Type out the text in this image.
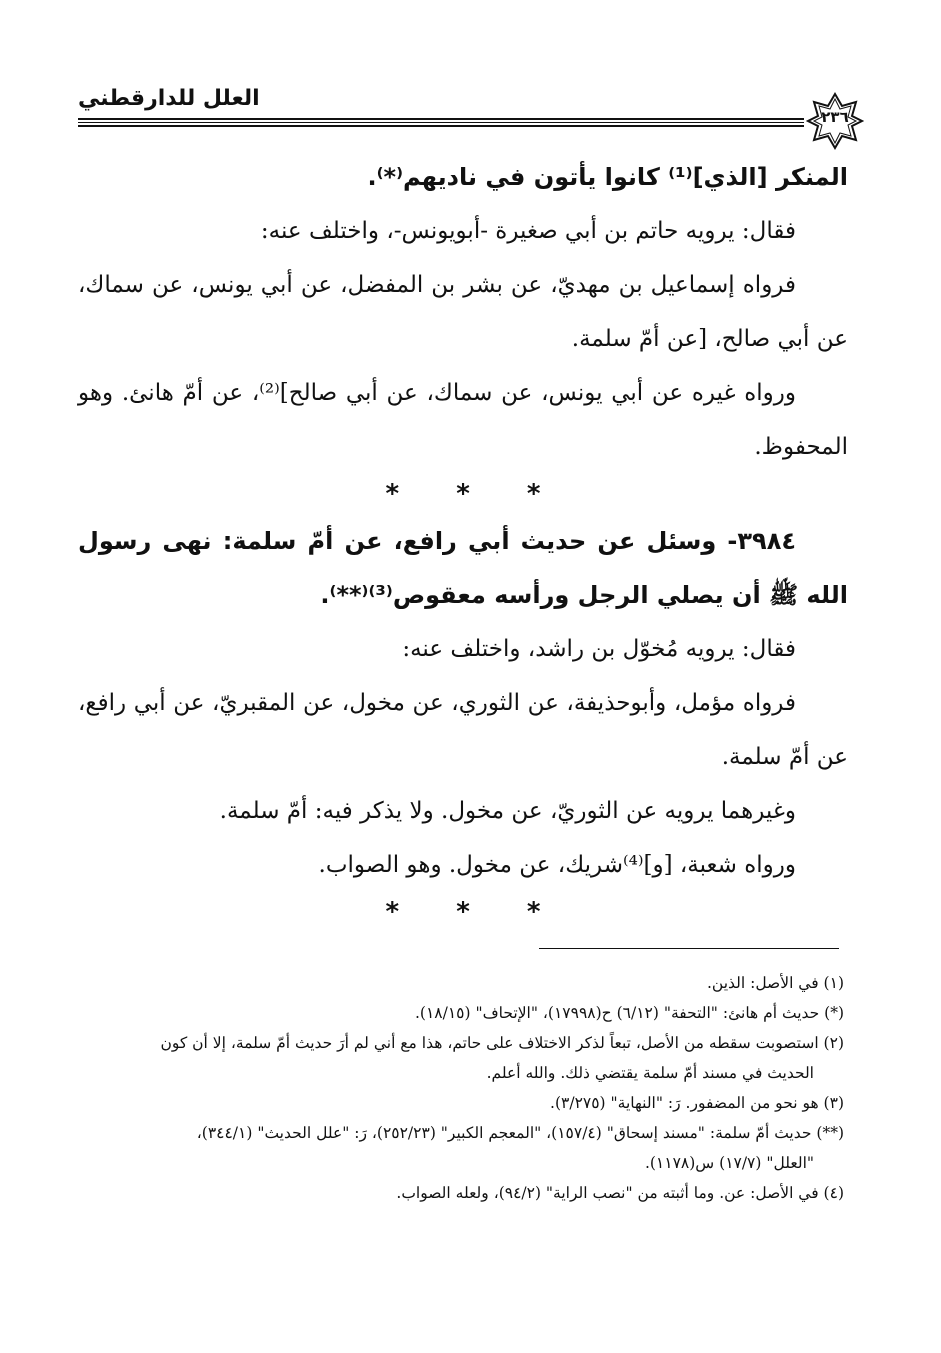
العلل للدارقطني
٢٣٦

المنكر [الذي]⁽¹⁾ كانوا يأتون في ناديهم⁽*⁾.

فقال: يرويه حاتم بن أبي صغيرة -أبويونس-، واختلف عنه:

فرواه إسماعيل بن مهديّ، عن بشر بن المفضل، عن أبي يونس، عن سماك، عن أبي صالح، [عن أمّ سلمة.

ورواه غيره عن أبي يونس، عن سماك، عن أبي صالح]⁽²⁾، عن أمّ هانئ. وهو المحفوظ.

* * *

٣٩٨٤- وسئل عن حديث أبي رافع، عن أمّ سلمة: نهى رسول الله ﷺ أن يصلي الرجل ورأسه معقوص⁽³⁾⁽**⁾.

فقال: يرويه مُخوّل بن راشد، واختلف عنه:

فرواه مؤمل، وأبوحذيفة، عن الثوري، عن مخول، عن المقبريّ، عن أبي رافع، عن أمّ سلمة.

وغيرهما يرويه عن الثوريّ، عن مخول. ولا يذكر فيه: أمّ سلمة.

ورواه شعبة، [و]⁽⁴⁾شريك، عن مخول. وهو الصواب.

* * *

(١) في الأصل: الذين.

(*) حديث أم هانئ: "التحفة" (٦/١٢) ح(١٧٩٩٨)، "الإتحاف" (١٨/١٥).

(٢) استصوبت سقطه من الأصل، تبعاً لذكر الاختلاف على حاتم، هذا مع أني لم أرَ حديث أمّ سلمة، إلا أن كون

الحديث في مسند أمّ سلمة يقتضي ذلك. والله أعلم.

(٣) هو نحو من المضفور. رَ: "النهاية" (٣/٢٧٥).

(**) حديث أمّ سلمة: "مسند إسحاق" (١٥٧/٤)، "المعجم الكبير" (٢٥٢/٢٣)، رَ: "علل الحديث" (٣٤٤/١)،

"العلل" (١٧/٧) س(١١٧٨).

(٤) في الأصل: عن. وما أثبته من "نصب الراية" (٩٤/٢)، ولعله الصواب.
